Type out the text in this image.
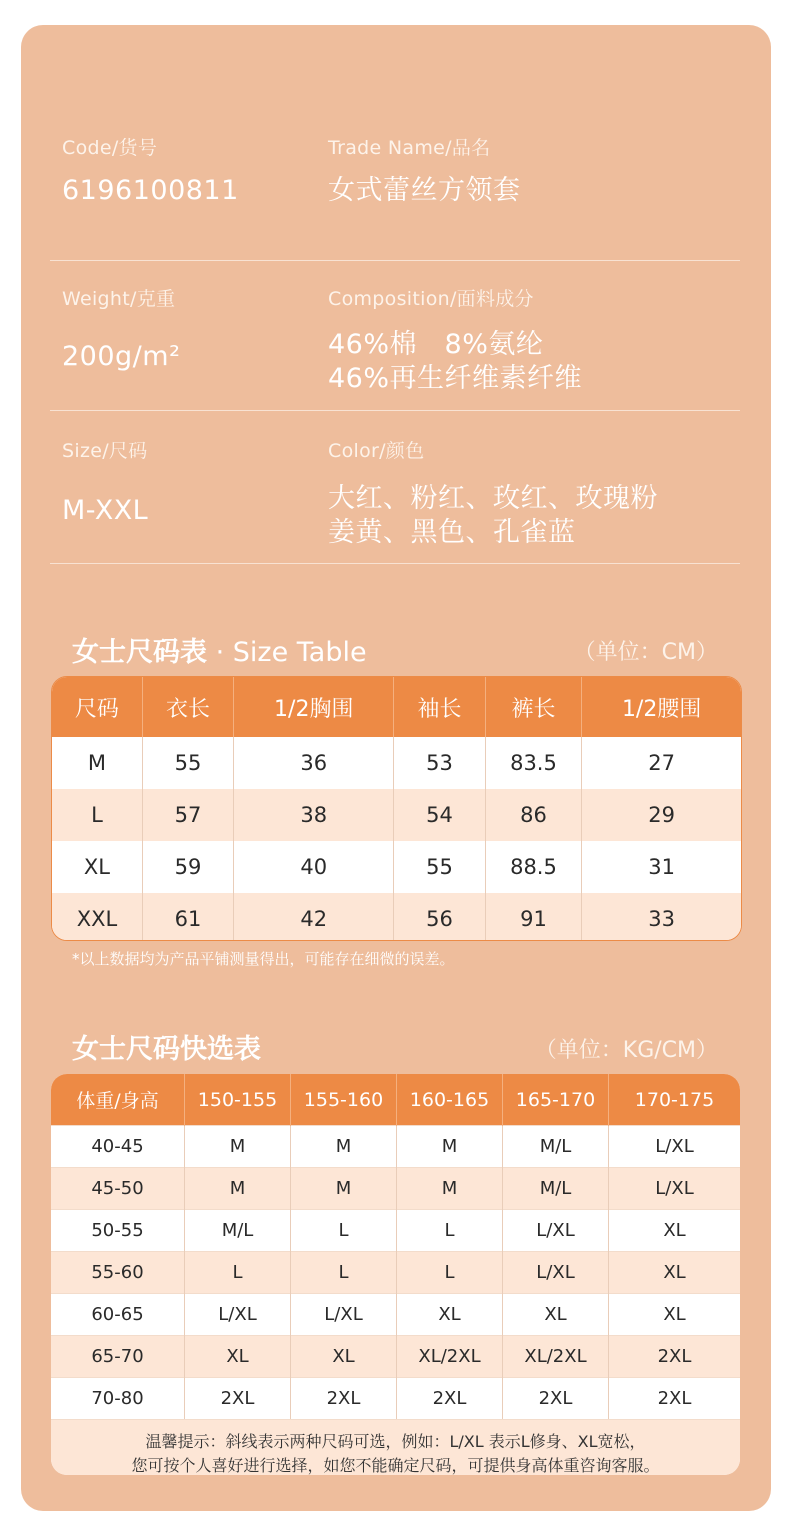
Code/货号
6196100811
Trade Name/品名
女式蕾丝方领套
Weight/克重
200g/m²
Composition/面料成分
46%棉　8%氨纶
46%再生纤维素纤维
Size/尺码
M-XXL
Color/颜色
大红、粉红、玫红、玫瑰粉
姜黄、黑色、孔雀蓝
女士尺码表 · Size Table	（单位：CM）
尺码	衣长	1/2胸围	袖长	裤长	1/2腰围
M	55	36	53	83.5	27
L	57	38	54	86	29
XL	59	40	55	88.5	31
XXL	61	42	56	91	33
*以上数据均为产品平铺测量得出，可能存在细微的误差。
女士尺码快选表	（单位：KG/CM）
体重/身高	150-155	155-160	160-165	165-170	170-175
40-45	M	M	M	M/L	L/XL
45-50	M	M	M	M/L	L/XL
50-55	M/L	L	L	L/XL	XL
55-60	L	L	L	L/XL	XL
60-65	L/XL	L/XL	XL	XL	XL
65-70	XL	XL	XL/2XL	XL/2XL	2XL
70-80	2XL	2XL	2XL	2XL	2XL
温馨提示：斜线表示两种尺码可选，例如：L/XL 表示L修身、XL宽松，
您可按个人喜好进行选择，如您不能确定尺码，可提供身高体重咨询客服。
